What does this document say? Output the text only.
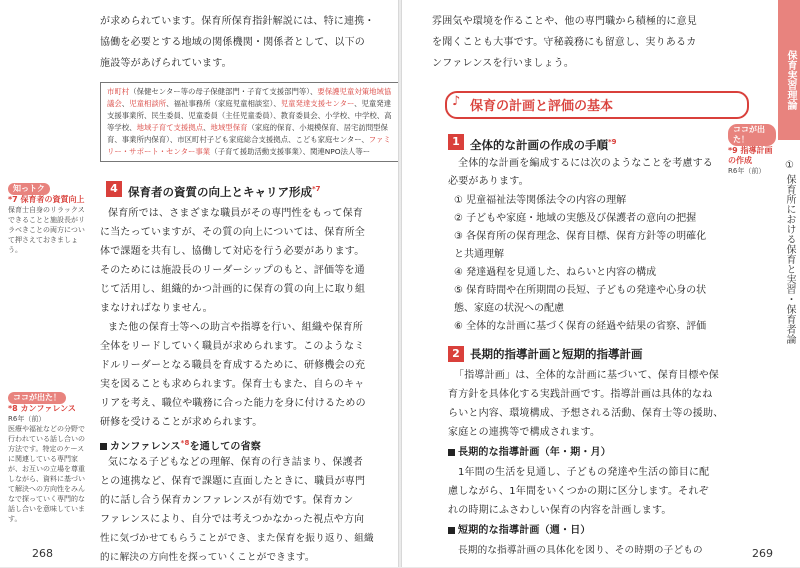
が求められています。保育所保育指針解説には、特に連携・
協働を必要とする地域の関係機関・関係者として、以下の
施設等があげられています。
市町村（保健センター等の母子保健部門・子育て支援部門等）、要保護児童対策地域協議会、児童相談所、福祉事務所（家庭児童相談室）、児童発達支援センター、児童発達支援事業所、民生委員、児童委員（主任児童委員）、教育委員会、小学校、中学校、高等学校、地域子育て支援拠点、地域型保育（家庭的保育、小規模保育、居宅訪問型保育、事業所内保育）、市区町村子ども家庭総合支援拠点、こども家庭センター、ファミリー・サポート・センター事業（子育て援助活動支援事業）、関連NPO法人等ー
4 保育者の資質の向上とキャリア形成$^{*7}$
保育所では、さまざまな職員がその専門性をもって保育
に当たっていますが、その質の向上については、保育所全
体で課題を共有し、協働して対応を行う必要があります。
そのためには施設長のリーダーシップのもと、評価等を通
じて活用し、組織的かつ計画的に保育の質の向上に取り組
まなければなりません。
また他の保育士等への助言や指導を行い、組織や保育所
全体をリードしていく職員が求められます。このようなミ
ドルリーダーとなる職員を育成するために、研修機会の充
実を図ることも求められます。保育士もまた、自らのキャ
リアを考え、職位や職務に合った能力を身に付けるための
研修を受けることが求められます。
カンファレンス$^{*8}$を通しての省察
気になる子どもなどの理解、保育の行き詰まり、保護者
との連携など、保育で課題に直面したときに、職員が専門
的に話し合う保育カンファレンスが有効です。保育カン
ファレンスにより、自分では考えつかなかった視点や方向
性に気づかせてもらうことができ、また保育を振り返り、組織
的に解決の方向性を探っていくことができます。
知っトク
*7 保育者の資質向上
保育士自身のリラックスできることと施設長がリラベきことの両方について押さえておきましょう。
ココが出た！
*8 カンファレンス
R6年（前）
医療や福祉などの分野で行われている話し合いの方法です。特定のケースに関連している専門家が、お互いの立場を尊重しながら、資料に基づいて解決への方向性をみんなで探っていく専門的な話し合いを意味しています。
雰囲気や環境を作ることや、他の専門職から積極的に意見
を聞くことも大事です。守秘義務にも留意し、実りあるカ
ンファレンスを行いましょう。
♪ 保育の計画と評価の基本
1 全体的な計画の作成の手順$^{*9}$
全体的な計画を編成するには次のようなことを考慮する
必要があります。
① 児童福祉法等関係法令の内容の理解
② 子どもや家庭・地域の実態及び保護者の意向の把握
③ 各保育所の保育理念、保育目標、保育方針等の明確化
と共通理解
④ 発達過程を見通した、ねらいと内容の構成
⑤ 保育時間や在所期間の長短、子どもの発達や心身の状
態、家庭の状況への配慮
⑥ 全体的な計画に基づく保育の経過や結果の省察、評価
2 長期的指導計画と短期的指導計画
「指導計画」は、全体的な計画に基づいて、保育目標や保
育方針を具体化する実践計画です。指導計画は具体的なね
らいと内容、環境構成、予想される活動、保育士等の援助、
家庭との連携等で構成されます。
長期的な指導計画（年・期・月）
1年間の生活を見通し、子どもの発達や生活の節目に配
慮しながら、1年間をいくつかの期に区分します。それぞ
れの時期にふさわしい保育の内容を計画します。
短期的な指導計画（週・日）
長期的な指導計画の具体化を図り、その時期の子どもの
ココが出た！
*9 指導計画の作成
R6年（前）
保育実習理論
① 保育所における保育と実習・保育者論
269
268
